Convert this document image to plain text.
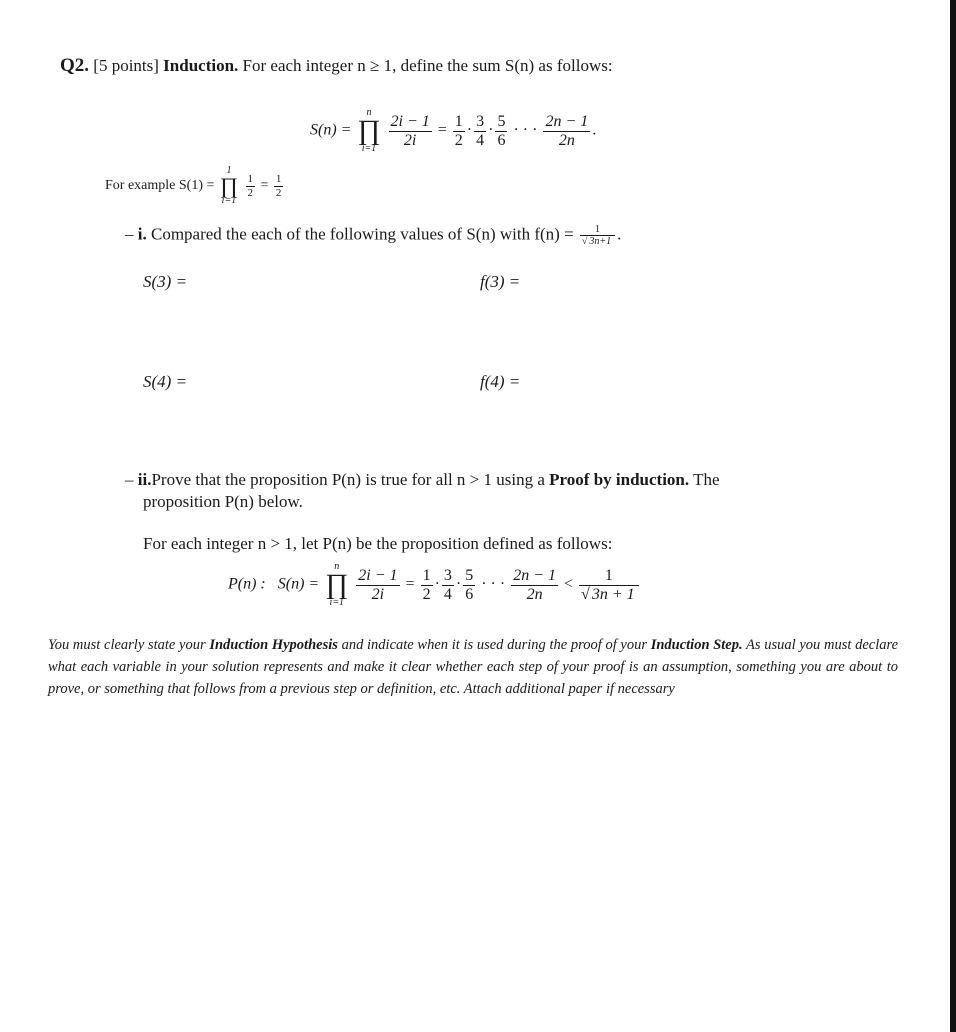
Q2. [5 points] Induction. For each integer n ≥ 1, define the sum S(n) as follows:
S(n) =
n
∏
i=1
$\frac{2i - 1}{2i} = \frac{1}{2} \cdot \frac{3}{4} \cdot \frac{5}{6}$ · · · $\frac{2n - 1}{2n}$ .
For example S(1) =
1
∏
i=1

$\frac{1}{2} = \frac{1}{2}$
– i. Compared the each of the following values of S(n) with $f(n) = \frac{1}{√ 3n+1}$ .
S(3) =	f(3) =
S(4) =	f(4) =
– ii.Prove that the proposition P(n) is true for all n > 1 using a Proof by induction. The
proposition P(n) below.
For each integer n > 1, let P(n) be the proposition defined as follows:
P(n) : S(n) =
n
∏
i=1
$\frac{2i - 1}{2i} = \frac{1}{2} \cdot \frac{3}{4} \cdot \frac{5}{6}$ · · · $\frac{2n - 1}{2n} < \frac{1}{√ 3n + 1}$
You must clearly state your Induction Hypothesis and indicate when it is used during the proof of your Induction Step. As usual you must declare what each variable in your solution represents and make it clear whether each step of your proof is an assumption, something you are about to prove, or something that follows from a previous step or definition, etc. Attach additional paper if necessary
